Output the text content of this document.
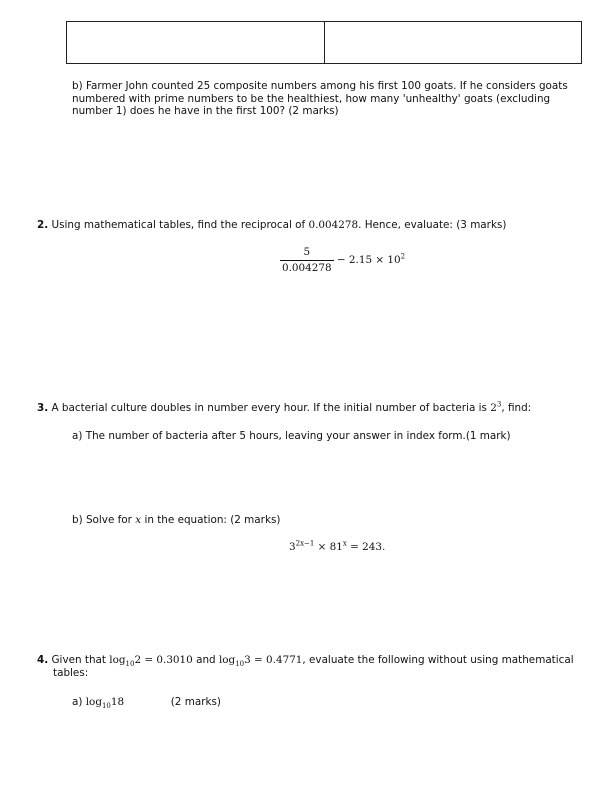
b) Farmer John counted 25 composite numbers among his first 100 goats. If he considers goats numbered with prime numbers to be the healthiest, how many 'unhealthy' goats (excluding number 1) does he have in the first 100? (2 marks)
2. Using mathematical tables, find the reciprocal of 0.004278. Hence, evaluate: (3 marks)
$\frac{5}{0.004278} - 2.15 \times 10^2$
3. A bacterial culture doubles in number every hour. If the initial number of bacteria is $2^3$, find:
a) The number of bacteria after 5 hours, leaving your answer in index form.(1 mark)
b) Solve for x in the equation: (2 marks)
$3^{2x-1} \times 81^x = 243$.
4. Given that $\log_{10}2 = 0.3010$ and $\log_{10}3 = 0.4771$, evaluate the following without using mathematical
tables:
a) $\log_{10}18$	(2 marks)
